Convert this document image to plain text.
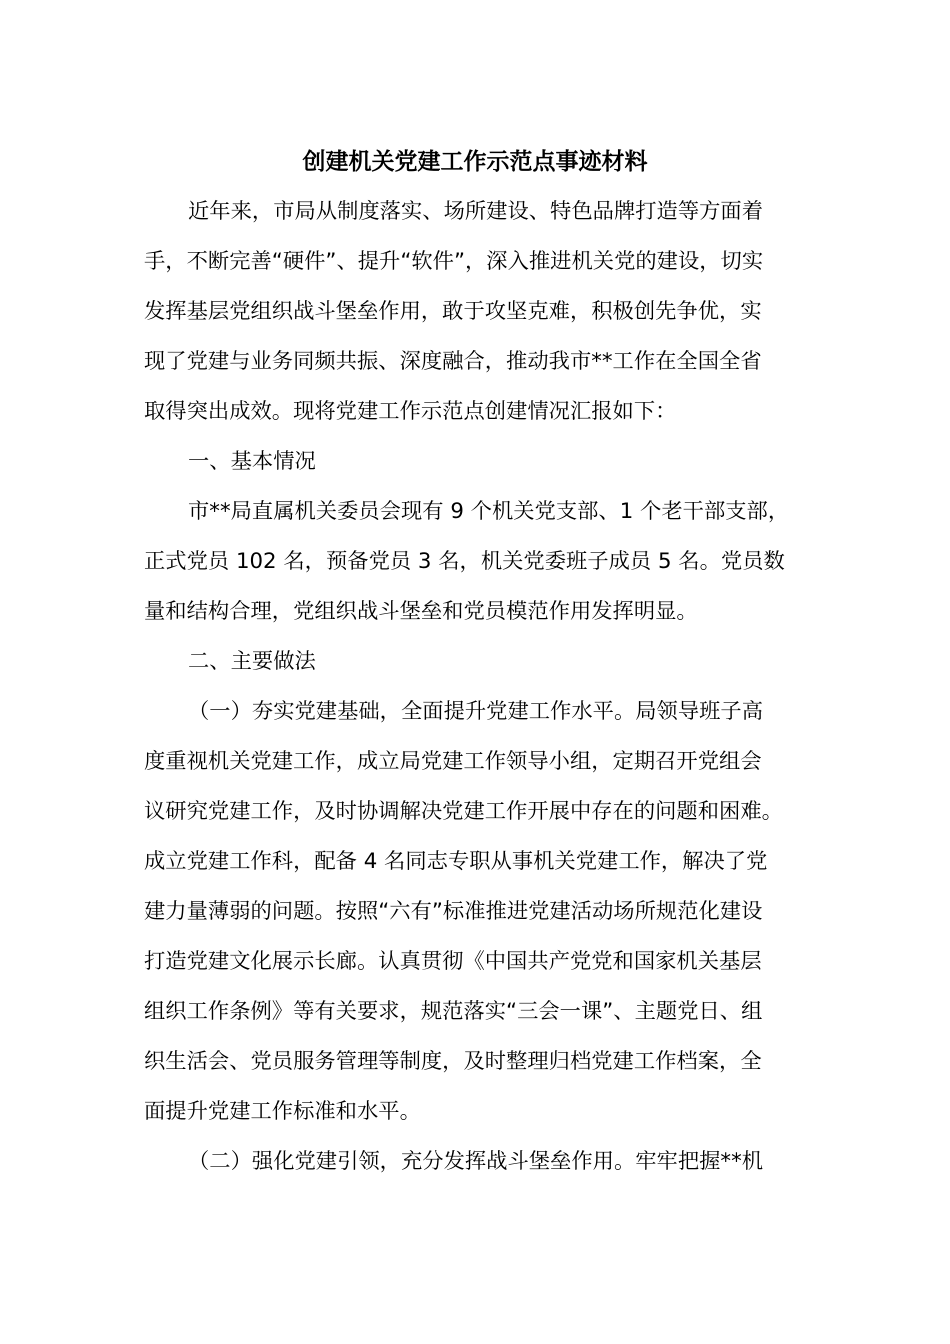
创建机关党建工作示范点事迹材料

近年来，市局从制度落实、场所建设、特色品牌打造等方面着
手，不断完善“硬件”、提升“软件”，深入推进机关党的建设，切实
发挥基层党组织战斗堡垒作用，敢于攻坚克难，积极创先争优，实
现了党建与业务同频共振、深度融合，推动我市**工作在全国全省
取得突出成效。现将党建工作示范点创建情况汇报如下：

一、基本情况

市**局直属机关委员会现有 9 个机关党支部、1 个老干部支部，
正式党员 102 名，预备党员 3 名，机关党委班子成员 5 名。党员数
量和结构合理，党组织战斗堡垒和党员模范作用发挥明显。

二、主要做法

（一）夯实党建基础，全面提升党建工作水平。局领导班子高
度重视机关党建工作，成立局党建工作领导小组，定期召开党组会
议研究党建工作，及时协调解决党建工作开展中存在的问题和困难。
成立党建工作科，配备 4 名同志专职从事机关党建工作，解决了党
建力量薄弱的问题。按照“六有”标准推进党建活动场所规范化建设
打造党建文化展示长廊。认真贯彻《中国共产党党和国家机关基层
组织工作条例》等有关要求，规范落实“三会一课”、主题党日、组
织生活会、党员服务管理等制度，及时整理归档党建工作档案，全
面提升党建工作标准和水平。

（二）强化党建引领，充分发挥战斗堡垒作用。牢牢把握**机
